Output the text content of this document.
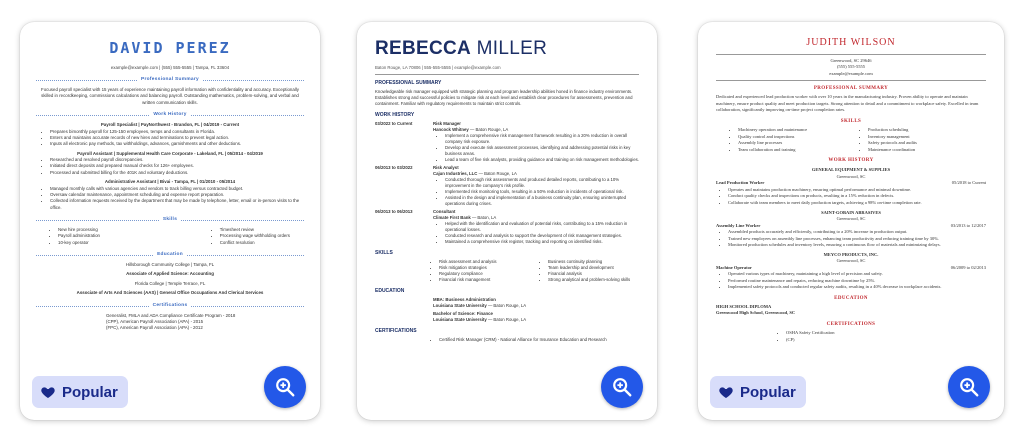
DAVID PEREZ
example@example.com | (555) 555-5555 | Tampa, FL 33604
Professional Summary
Focused payroll specialist with 15 years of experience maintaining payroll information with confidentiality and accuracy. Exceptionally skilled in recordkeeping, commissions calculations and balancing payroll. Outstanding mathematics, problem-solving, and verbal and written communication skills.
Work History
Payroll Specialist | PayNorthwest - Brandon, FL | 04/2019 - Current
• Prepares bimonthly payroll for 125-150 employees, temps and consultants in Florida.
• Enters and maintains accurate records of new hires and terminations to prevent legal action.
• Inputs all electronic pay methods, tax withholdings, advances, garnishments and other deductions.
Payroll Assistant | Supplemental Health Care Corporate - Lakeland, FL | 05/2014 - 04/2019
• Researched and resolved payroll discrepancies.
• Initiated direct deposits and prepared manual checks for 126+ employees.
• Processed and submitted billing for the 401K and voluntary deductions.
Administrative Assistant | Bivai - Tampa, FL | 01/2010 - 05/2014
• Managed monthly calls with various agencies and vendors to track billing versus contracted budget.
• Oversaw calendar maintenance, appointment scheduling and expense report preparation.
• Collected information requests received by the department that may be made by telephone, letter, email or in-person visits to the office.
Skills
• New hire processing
• Payroll administration
• 10-key operator
• Timesheet review
• Processing wage withholding orders
• Conflict resolution
Education
Hillsborough Community College | Tampa, FL
Associate of Applied Science: Accounting
Florida College | Temple Terrace, FL
Associate of Arts And Sciences (AAS) | General Office Occupations And Clerical Services
Certifications
Generalist, FMLA and ADA Compliance Certificate Program - 2018
(CPP), American Payroll Association (APA) - 2015
(FPC), American Payroll Association (APA) - 2012
Popular
REBECCA MILLER
Baton Rouge, LA 70806 | 555-555-5555 | example@example.com
PROFESSIONAL SUMMARY
Knowledgeable risk manager equipped with strategic planning and program leadership abilities honed in finance industry environments. Establishes strong and successful policies to mitigate risk at each level and establish clear procedures for assessments, prevention and containment. Familiar with regulatory requirements to maintain strict controls.
WORK HISTORY
03/2022 to Current	Risk Manager
Hancock Whitney — Baton Rouge, LA
• Implement a comprehensive risk management framework resulting in a 20% reduction in overall company risk exposure.
• Develop and execute risk assessment processes, identifying and addressing potential risks in key business areas.
• Lead a team of five risk analysts, providing guidance and training on risk management methodologies.
06/2013 to 03/2022	Risk Analyst
Cajun Industries, LLC — Baton Rouge, LA
• Conducted thorough risk assessments and produced detailed reports, contributing to a 10% improvement in the company's risk profile.
• Implemented risk monitoring tools, resulting in a 50% reduction in incidents of operational risk.
• Assisted in the design and implementation of a business continuity plan, ensuring uninterrupted operations during crises.
06/2013 to 06/2013	Consultant
Climate First Bank — Baton, LA
• Helped with the identification and evaluation of potential risks, contributing to a 15% reduction in operational losses.
• Conducted research and analysis to support the development of risk management strategies.
• Maintained a comprehensive risk register, tracking and reporting on identified risks.
SKILLS
• Risk assessment and analysis
• Risk mitigation strategies
• Regulatory compliance
• Financial risk management
• Business continuity planning
• Team leadership and development
• Financial analysis
• Strong analytical and problem-solving skills
EDUCATION
MBA: Business Administration
Louisiana State University — Baton Rouge, LA
Bachelor of Science: Finance
Louisiana State University — Baton Rouge, LA
CERTIFICATIONS
• Certified Risk Manager (CRM) - National Alliance for Insurance Education and Research
JUDITH WILSON
Greenwood, SC 29646
(555) 555-5555
example@example.com
PROFESSIONAL SUMMARY
Dedicated and experienced lead production worker with over 10 years in the manufacturing industry. Proven ability to operate and maintain machinery, ensure product quality and meet production targets. Strong attention to detail and a commitment to workplace safety. Excelled in team collaboration, significantly improving on-time project completion rates.
SKILLS
• Machinery operation and maintenance
• Quality control and inspections
• Assembly line processes
• Team collaboration and training
• Production scheduling
• Inventory management
• Safety protocols and audits
• Maintenance coordination
WORK HISTORY
GENERAL EQUIPMENT & SUPPLIES
Greenwood, SC
Lead Production Worker	05/2018 to Current
• Operates and maintains production machinery, ensuring optimal performance and minimal downtime.
• Conduct quality checks and inspections on products, resulting in a 15% reduction in defects.
• Collaborate with team members to meet daily production targets, achieving a 98% on-time completion rate.
SAINT-GOBAIN ABRASIVES
Greenwood, SC
Assembly Line Worker	03/2013 to 12/2017
• Assembled products accurately and efficiently, contributing to a 20% increase in production output.
• Trained new employees on assembly line processes, enhancing team productivity and reducing training time by 30%.
• Monitored production schedules and inventory levels, ensuring a continuous flow of materials and minimizing delays.
MEYCO PRODUCTS, INC.
Greenwood, SC
Machine Operator	06/2009 to 02/2013
• Operated various types of machinery, maintaining a high level of precision and safety.
• Performed routine maintenance and repairs, reducing machine downtime by 25%.
• Implemented safety protocols and conducted regular safety audits, resulting in a 40% decrease in workplace accidents.
EDUCATION
HIGH SCHOOL DIPLOMA
Greenwood High School, Greenwood, SC
CERTIFICATIONS
• OSHA Safety Certification
• (CP)
Popular
